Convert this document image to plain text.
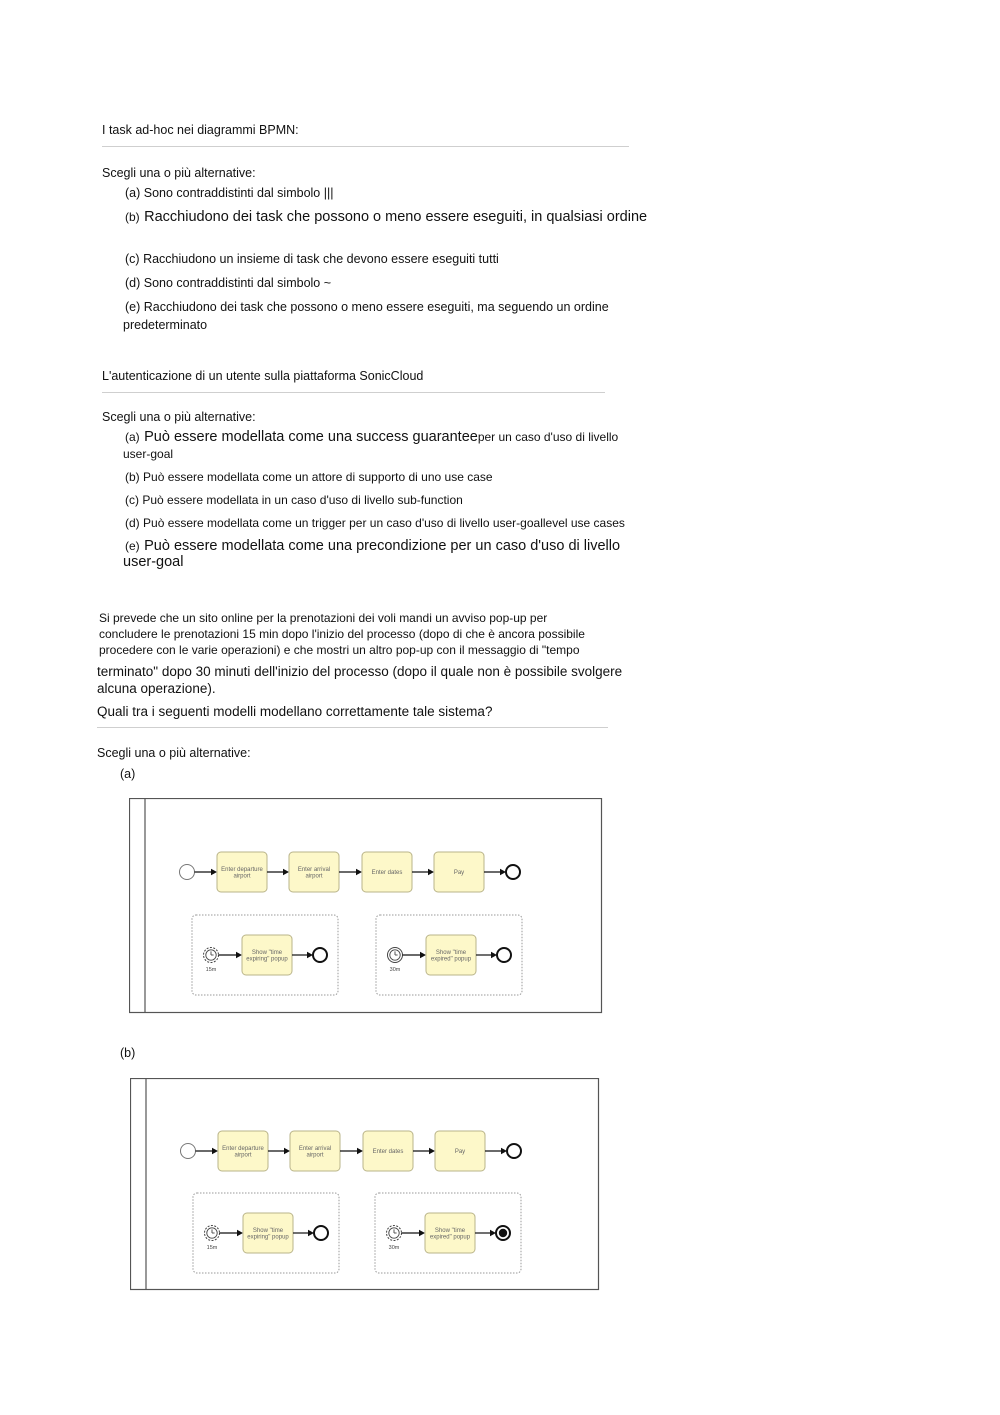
I task ad-hoc nei diagrammi BPMN:
Scegli una o più alternative:
(a) Sono contraddistinti dal simbolo |||
(b) Racchiudono dei task che possono o meno essere eseguiti, in qualsiasi ordine
(c) Racchiudono un insieme di task che devono essere eseguiti tutti
(d) Sono contraddistinti dal simbolo ~
(e) Racchiudono dei task che possono o meno essere eseguiti, ma seguendo un ordine
predeterminato
L'autenticazione di un utente sulla piattaforma SonicCloud
Scegli una o più alternative:
(a) Può essere modellata come una success guaranteeper un caso d'uso di livello
user-goal
(b) Può essere modellata come un attore di supporto di uno use case
(c) Può essere modellata in un caso d'uso di livello sub-function
(d) Può essere modellata come un trigger per un caso d'uso di livello user-goallevel use cases
(e) Può essere modellata come una precondizione per un caso d'uso di livello
user-goal
Si prevede che un sito online per la prenotazioni dei voli mandi un avviso pop-up per
concludere le prenotazioni 15 min dopo l'inizio del processo (dopo di che è ancora possibile
procedere con le varie operazioni) e che mostri un altro pop-up con il messaggio di "tempo
terminato" dopo 30 minuti dell'inizio del processo (dopo il quale non è possibile svolgere
alcuna operazione).
Quali tra i seguenti modelli modellano correttamente tale sistema?
Scegli una o più alternative:
(a)
Enter departure
airport
Enter arrival
airport
Enter dates	Pay
15m
Show "time
expiring" popup
30m
Show "time
expired" popup
(b)
Enter departure
airport
Enter arrival
airport
Enter dates	Pay
15m
Show "time
expiring" popup
30m
Show "time
expired" popup
